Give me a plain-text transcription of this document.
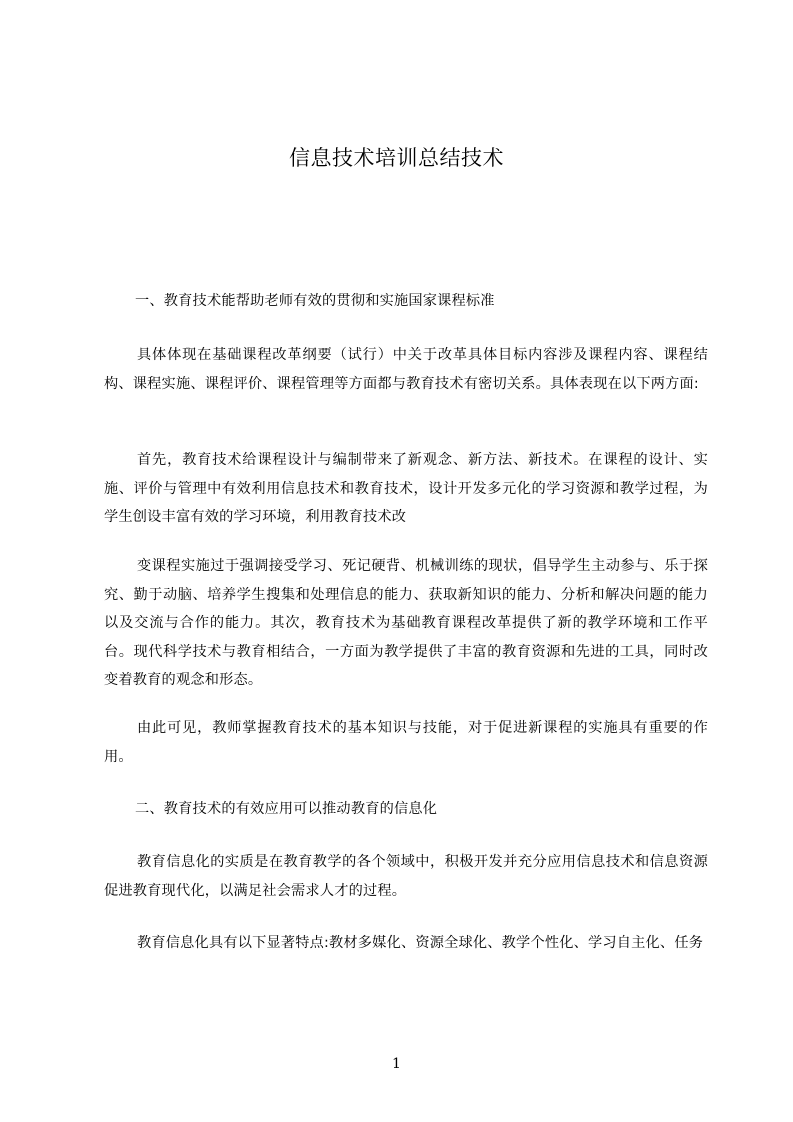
信息技术培训总结技术
一、教育技术能帮助老师有效的贯彻和实施国家课程标准
具体体现在基础课程改革纲要（试行）中关于改革具体目标内容涉及课程内容、课程结构、课程实施、课程评价、课程管理等方面都与教育技术有密切关系。具体表现在以下两方面:
首先，教育技术给课程设计与编制带来了新观念、新方法、新技术。在课程的设计、实施、评价与管理中有效利用信息技术和教育技术，设计开发多元化的学习资源和教学过程，为学生创设丰富有效的学习环境，利用教育技术改
变课程实施过于强调接受学习、死记硬背、机械训练的现状，倡导学生主动参与、乐于探究、勤于动脑、培养学生搜集和处理信息的能力、获取新知识的能力、分析和解决问题的能力以及交流与合作的能力。其次，教育技术为基础教育课程改革提供了新的教学环境和工作平台。现代科学技术与教育相结合，一方面为教学提供了丰富的教育资源和先进的工具，同时改变着教育的观念和形态。
由此可见，教师掌握教育技术的基本知识与技能，对于促进新课程的实施具有重要的作用。
二、教育技术的有效应用可以推动教育的信息化
教育信息化的实质是在教育教学的各个领域中，积极开发并充分应用信息技术和信息资源促进教育现代化，以满足社会需求人才的过程。
教育信息化具有以下显著特点:教材多媒化、资源全球化、教学个性化、学习自主化、任务
1
